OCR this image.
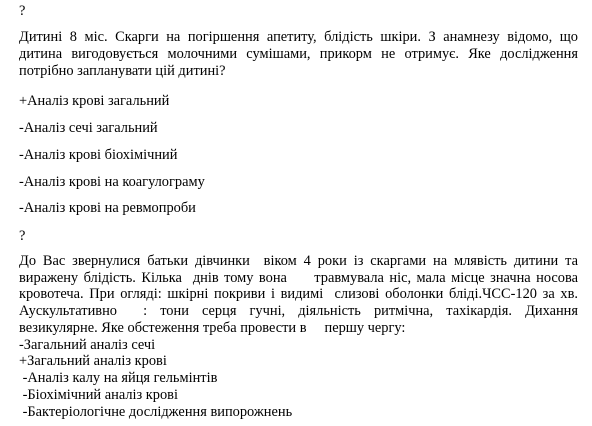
?
Дитині 8 міс. Скарги на погіршення апетиту, блідість шкіри. З анамнезу відомо, що
дитина вигодовується молочними сумішами, прикорм не отримує. Яке дослідження
потрібно запланувати цій дитині?
+Аналіз крові загальний
-Аналіз сечі загальний
-Аналіз крові біохімічний
-Аналіз крові на коагулограму
-Аналіз крові на ревмопроби
?
До Вас звернулися батьки дівчинки  віком 4 роки із скаргами на млявість дитини та
виражену блідість. Кілька  днів тому вона     травмувала ніс, мала місце значна носова
кровотеча. При огляді: шкірні покриви і видимі  слизові оболонки бліді.ЧСС-120 за хв.
Аускультативно  : тони серця гучні, діяльність ритмічна, тахікардія. Дихання
везикулярне. Яке обстеження треба провести в     першу чергу:
-Загальний аналіз сечі
+Загальний аналіз крові
-Аналіз калу на яйця гельмінтів
-Біохімічний аналіз крові
-Бактеріологічне дослідження випорожнень
